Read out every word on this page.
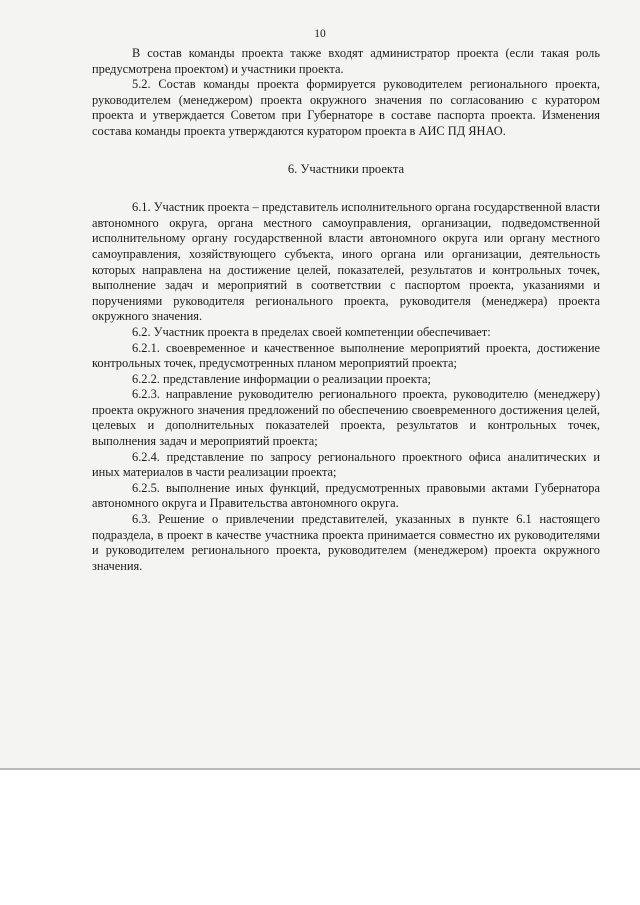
10

В состав команды проекта также входят администратор проекта (если такая роль предусмотрена проектом) и участники проекта.

5.2. Состав команды проекта формируется руководителем регионального проекта, руководителем (менеджером) проекта окружного значения по согласованию с куратором проекта и утверждается Советом при Губернаторе в составе паспорта проекта. Изменения состава команды проекта утверждаются куратором проекта в АИС ПД ЯНАО.

6. Участники проекта

6.1. Участник проекта – представитель исполнительного органа государственной власти автономного округа, органа местного самоуправления, организации, подведомственной исполнительному органу государственной власти автономного округа или органу местного самоуправления, хозяйствующего субъекта, иного органа или организации, деятельность которых направлена на достижение целей, показателей, результатов и контрольных точек, выполнение задач и мероприятий в соответствии с паспортом проекта, указаниями и поручениями руководителя регионального проекта, руководителя (менеджера) проекта окружного значения.

6.2. Участник проекта в пределах своей компетенции обеспечивает:

6.2.1. своевременное и качественное выполнение мероприятий проекта, достижение контрольных точек, предусмотренных планом мероприятий проекта;

6.2.2. представление информации о реализации проекта;

6.2.3. направление руководителю регионального проекта, руководителю (менеджеру) проекта окружного значения предложений по обеспечению своевременного достижения целей, целевых и дополнительных показателей проекта, результатов и контрольных точек, выполнения задач и мероприятий проекта;

6.2.4. представление по запросу регионального проектного офиса аналитических и иных материалов в части реализации проекта;

6.2.5. выполнение иных функций, предусмотренных правовыми актами Губернатора автономного округа и Правительства автономного округа.

6.3. Решение о привлечении представителей, указанных в пункте 6.1 настоящего подраздела, в проект в качестве участника проекта принимается совместно их руководителями и руководителем регионального проекта, руководителем (менеджером) проекта окружного значения.
